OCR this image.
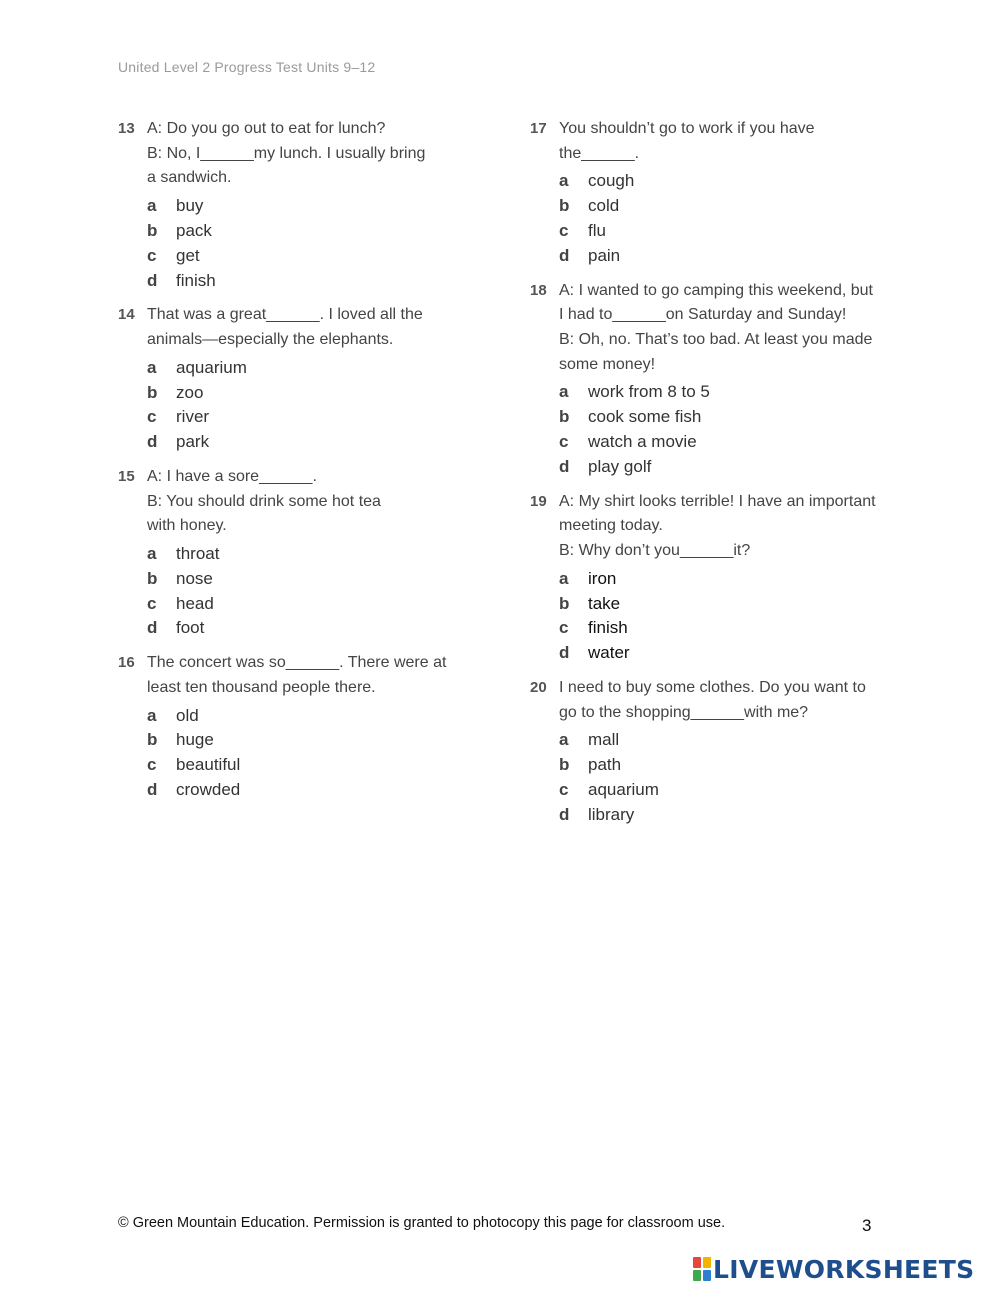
United Level 2 Progress Test Units 9–12
13 A: Do you go out to eat for lunch?
B: No, I______my lunch. I usually bring
a sandwich.
a	buy
b	pack
c	get
d	finish
14 That was a great______. I loved all the
animals—especially the elephants.
a	aquarium
b	zoo
c	river
d	park
15 A: I have a sore______.
B: You should drink some hot tea
with honey.
a	throat
b	nose
c	head
d	foot
16 The concert was so______. There were at
least ten thousand people there.
a	old
b	huge
c	beautiful
d	crowded
17 You shouldn’t go to work if you have
the______.
a	cough
b	cold
c	flu
d	pain
18 A: I wanted to go camping this weekend, but
I had to______on Saturday and Sunday!
B: Oh, no. That’s too bad. At least you made
some money!
a	work from 8 to 5
b	cook some fish
c	watch a movie
d	play golf
19 A: My shirt looks terrible! I have an important
meeting today.
B: Why don’t you______it?
a	iron
b	take
c	finish
d	water
20 I need to buy some clothes. Do you want to
go to the shopping______with me?
a	mall
b	path
c	aquarium
d	library
© Green Mountain Education. Permission is granted to photocopy this page for classroom use.	3
LIVEWORKSHEETS
